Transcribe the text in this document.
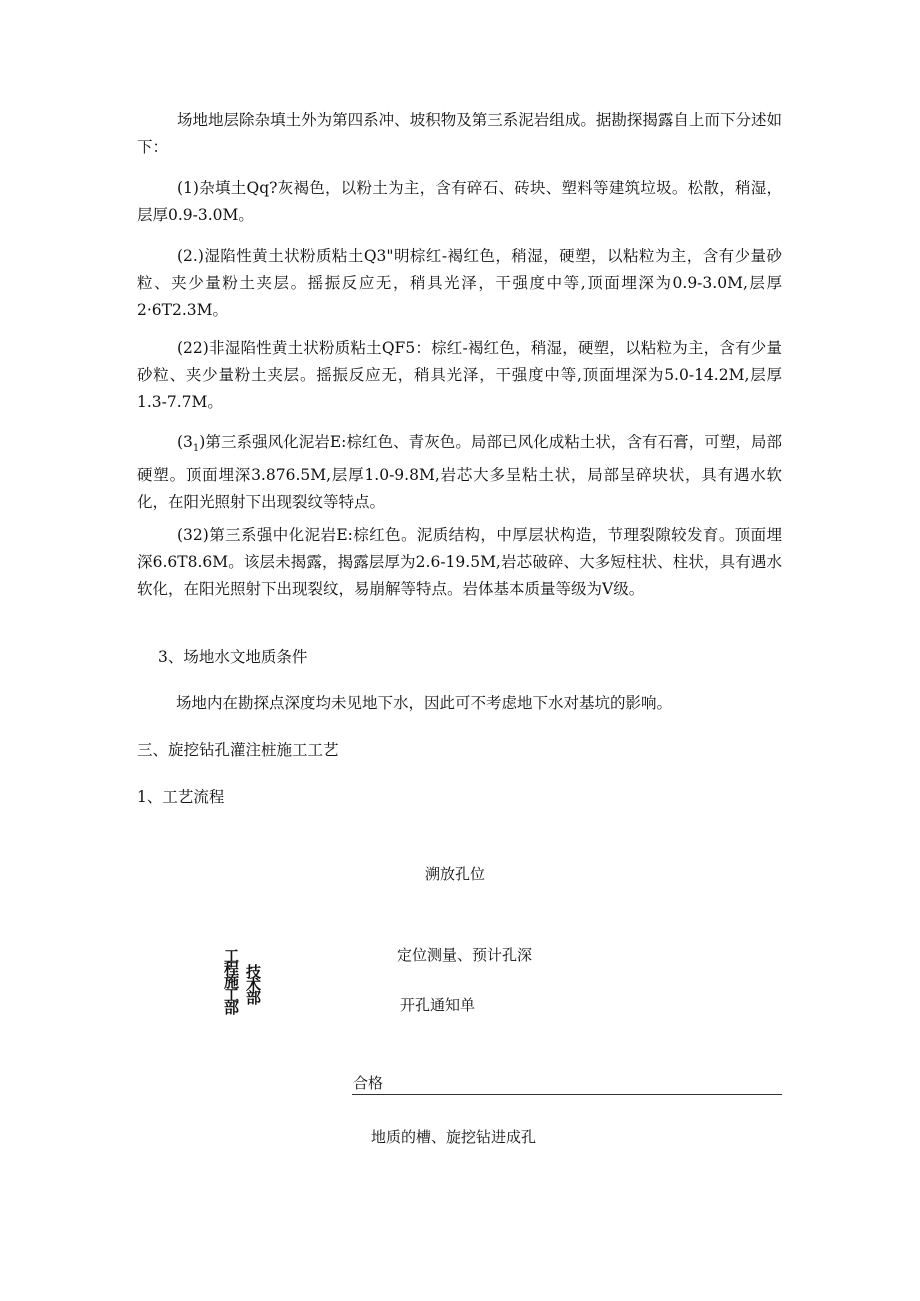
场地地层除杂填土外为第四系冲、坡积物及第三系泥岩组成。据勘探揭露自上而下分述如下：

(1)杂填土Qq?灰褐色，以粉土为主，含有碎石、砖块、塑料等建筑垃圾。松散，稍湿，层厚0.9-3.0M。

(2.)湿陷性黄土状粉质粘土Q3"明棕红-褐红色，稍湿，硬塑，以粘粒为主，含有少量砂粒、夹少量粉土夹层。摇振反应无，稍具光泽，干强度中等,顶面埋深为0.9-3.0M,层厚2·6T2.3M。

(22)非湿陷性黄土状粉质粘土QF5：棕红-褐红色，稍湿，硬塑，以粘粒为主，含有少量砂粒、夹少量粉土夹层。摇振反应无，稍具光泽，干强度中等,顶面埋深为5.0-14.2M,层厚1.3-7.7M。

$(3_1)$第三系强风化泥岩E:棕红色、青灰色。局部已风化成粘土状，含有石膏，可塑，局部硬塑。顶面埋深3.876.5M,层厚1.0-9.8M,岩芯大多呈粘土状，局部呈碎块状，具有遇水软化，在阳光照射下出现裂纹等特点。

(32)第三系强中化泥岩E:棕红色。泥质结构，中厚层状构造，节理裂隙较发育。顶面埋深6.6T8.6M。该层未揭露，揭露层厚为2.6-19.5M,岩芯破碎、大多短柱状、柱状，具有遇水软化，在阳光照射下出现裂纹，易崩解等特点。岩体基本质量等级为V级。

3、场地水文地质条件

场地内在勘探点深度均未见地下水，因此可不考虑地下水对基坑的影响。

三、旋挖钻孔灌注桩施工工艺

1、工艺流程

溯放孔位
定位测量、预计孔深
开孔通知单
合格
地质的槽、旋挖钻进成孔
工程施工部
技术部
